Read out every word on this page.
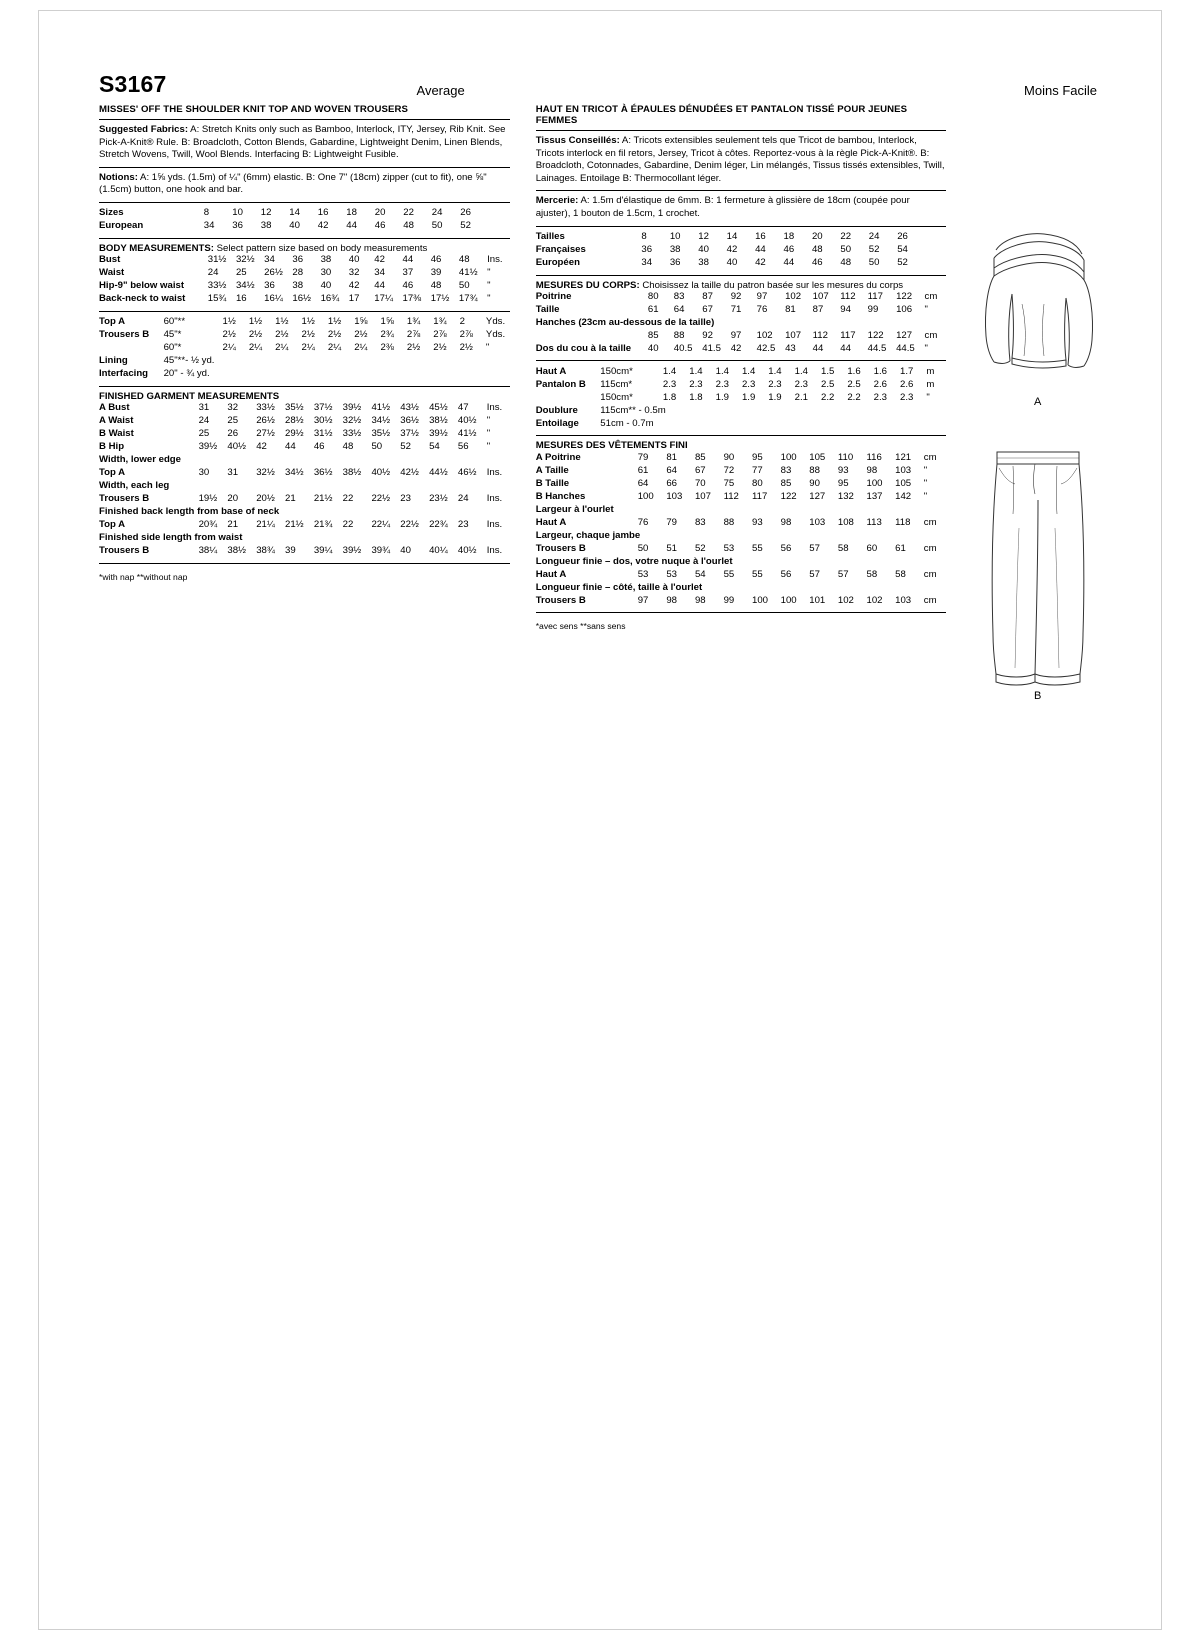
S3167	Average	Moins Facile
MISSES' OFF THE SHOULDER KNIT TOP AND WOVEN TROUSERS

Suggested Fabrics: A: Stretch Knits only such as Bamboo, Interlock, ITY, Jersey, Rib Knit. See Pick-A-Knit® Rule. B: Broadcloth, Cotton Blends, Gabardine, Lightweight Denim, Linen Blends, Stretch Wovens, Twill, Wool Blends. Interfacing B: Lightweight Fusible.

Notions: A: 1⅝ yds. (1.5m) of ¼" (6mm) elastic. B: One 7" (18cm) zipper (cut to fit), one ⅝" (1.5cm) button, one hook and bar.

Sizes	8	10	12	14	16	18	20	22	24	26	
European	34	36	38	40	42	44	46	48	50	52	
BODY MEASUREMENTS: Select pattern size based on body measurements
Bust	31½	32½	34	36	38	40	42	44	46	48	Ins.
Waist	24	25	26½	28	30	32	34	37	39	41½	"
Hip-9" below waist	33½	34½	36	38	40	42	44	46	48	50	"
Back-neck to waist	15¾	16	16¼	16½	16¾	17	17¼	17⅜	17½	17¾	"
Top A	60"**	1½	1½	1½	1½	1½	1⅝	1⅝	1¾	1¾	2	Yds.
Trousers B	45"*	2½	2½	2½	2½	2½	2½	2¾	2⅞	2⅞	2⅞	Yds.
	60"*	2¼	2¼	2¼	2¼	2¼	2¼	2⅜	2½	2½	2½	"
Lining	45"**- ½ yd.											
Interfacing	20" - ¾ yd.											
FINISHED GARMENT MEASUREMENTS
A Bust	31	32	33½	35½	37½	39½	41½	43½	45½	47	Ins.
A Waist	24	25	26½	28½	30½	32½	34½	36½	38½	40½	"
B Waist	25	26	27½	29½	31½	33½	35½	37½	39½	41½	"
B Hip	39½	40½	42	44	46	48	50	52	54	56	"
Width, lower edge											
Top A	30	31	32½	34½	36½	38½	40½	42½	44½	46½	Ins.
Width, each leg											
Trousers B	19½	20	20½	21	21½	22	22½	23	23½	24	Ins.
Finished back length from base of neck											
Top A	20¾	21	21¼	21½	21¾	22	22¼	22½	22¾	23	Ins.
Finished side length from waist											
Trousers B	38¼	38½	38¾	39	39¼	39½	39¾	40	40¼	40½	Ins.
*with nap **without nap
HAUT EN TRICOT À ÉPAULES DÉNUDÉES ET PANTALON TISSÉ POUR JEUNES FEMMES

Tissus Conseillés: A: Tricots extensibles seulement tels que Tricot de bambou, Interlock, Tricots interlock en fil retors, Jersey, Tricot à côtes. Reportez-vous à la règle Pick-A-Knit®. B: Broadcloth, Cotonnades, Gabardine, Denim léger, Lin mélangés, Tissus tissés extensibles, Twill, Lainages. Entoilage B: Thermocollant léger.

Mercerie: A: 1.5m d'élastique de 6mm. B: 1 fermeture à glissière de 18cm (coupée pour ajuster), 1 bouton de 1.5cm, 1 crochet.

Tailles	8	10	12	14	16	18	20	22	24	26	
Françaises	36	38	40	42	44	46	48	50	52	54	
Européen	34	36	38	40	42	44	46	48	50	52	
MESURES DU CORPS: Choisissez la taille du patron basée sur les mesures du corps
Poitrine	80	83	87	92	97	102	107	112	117	122	cm
Taille	61	64	67	71	76	81	87	94	99	106	"
Hanches (23cm au-dessous de la taille)											
	85	88	92	97	102	107	112	117	122	127	cm
Dos du cou à la taille	40	40.5	41.5	42	42.5	43	44	44	44.5	44.5	"
Haut A	150cm*	1.4	1.4	1.4	1.4	1.4	1.4	1.5	1.6	1.6	1.7	m
Pantalon B	115cm*	2.3	2.3	2.3	2.3	2.3	2.3	2.5	2.5	2.6	2.6	m
	150cm*	1.8	1.8	1.9	1.9	1.9	2.1	2.2	2.2	2.3	2.3	"
Doublure	115cm** - 0.5m											
Entoilage	51cm - 0.7m											
MESURES DES VÊTEMENTS FINI
A Poitrine	79	81	85	90	95	100	105	110	116	121	cm
A Taille	61	64	67	72	77	83	88	93	98	103	"
B Taille	64	66	70	75	80	85	90	95	100	105	"
B Hanches	100	103	107	112	117	122	127	132	137	142	"
Largeur à l'ourlet											
Haut A	76	79	83	88	93	98	103	108	113	118	cm
Largeur, chaque jambe											
Trousers B	50	51	52	53	55	56	57	58	60	61	cm
Longueur finie – dos, votre nuque à l'ourlet											
Haut A	53	53	54	55	55	56	57	57	58	58	cm
Longueur finie – côté, taille à l'ourlet											
Trousers B	97	98	98	99	100	100	101	102	102	103	cm
*avec sens **sans sens
A
B
